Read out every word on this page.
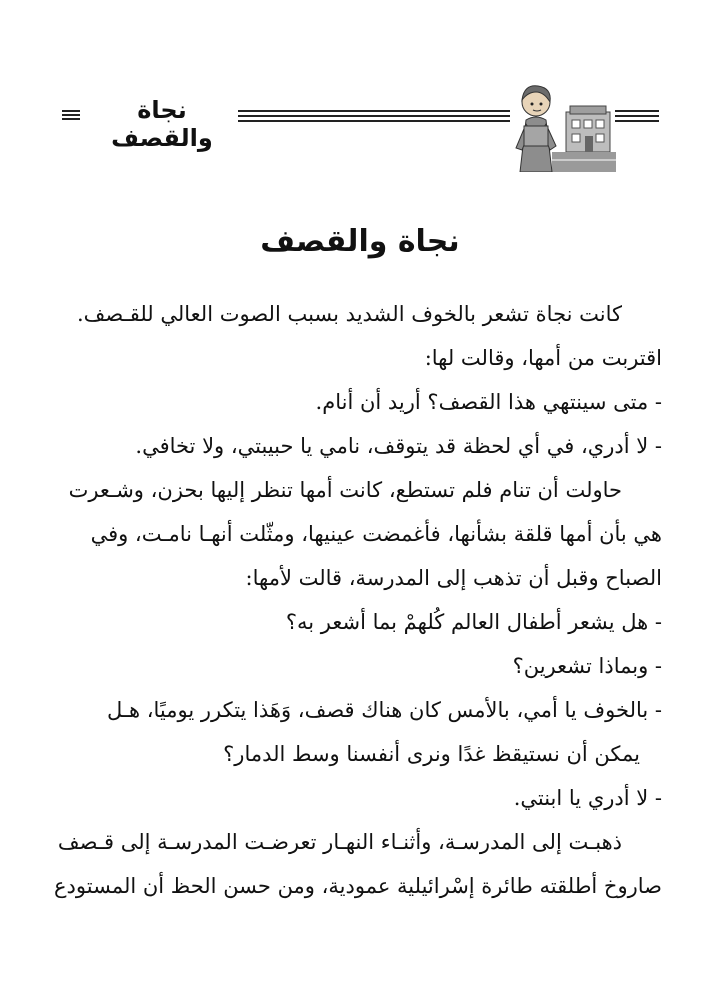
نجاة والقصف
نجاة والقصف
كانت نجاة تشعر بالخوف الشديد بسبب الصوت العالي للقـصف.
اقتربت من أمها، وقالت لها:
- متى سينتهي هذا القصف؟ أريد أن أنام.
- لا أدري، في أي لحظة قد يتوقف، نامي يا حبيبتي، ولا تخافي.
حاولت أن تنام فلم تستطع، كانت أمها تنظر إليها بحزن، وشـعرت
هي بأن أمها قلقة بشأنها، فأغمضت عينيها، ومثّلت أنهـا نامـت، وفي
الصباح وقبل أن تذهب إلى المدرسة، قالت لأمها:
- هل يشعر أطفال العالم كُلهمْ بما أشعر به؟
- وبماذا تشعرين؟
- بالخوف يا أمي، بالأمس كان هناك قصف، وَهَذا يتكرر يوميًا، هـل
يمكن أن نستيقظ غدًا ونرى أنفسنا وسط الدمار؟
- لا أدري يا ابنتي.
ذهبـت إلى المدرسـة، وأثنـاء النهـار تعرضـت المدرسـة إلى قـصف
صاروخ أطلقته طائرة إسْرائيلية عمودية، ومن حسن الحظ أن المستودع
